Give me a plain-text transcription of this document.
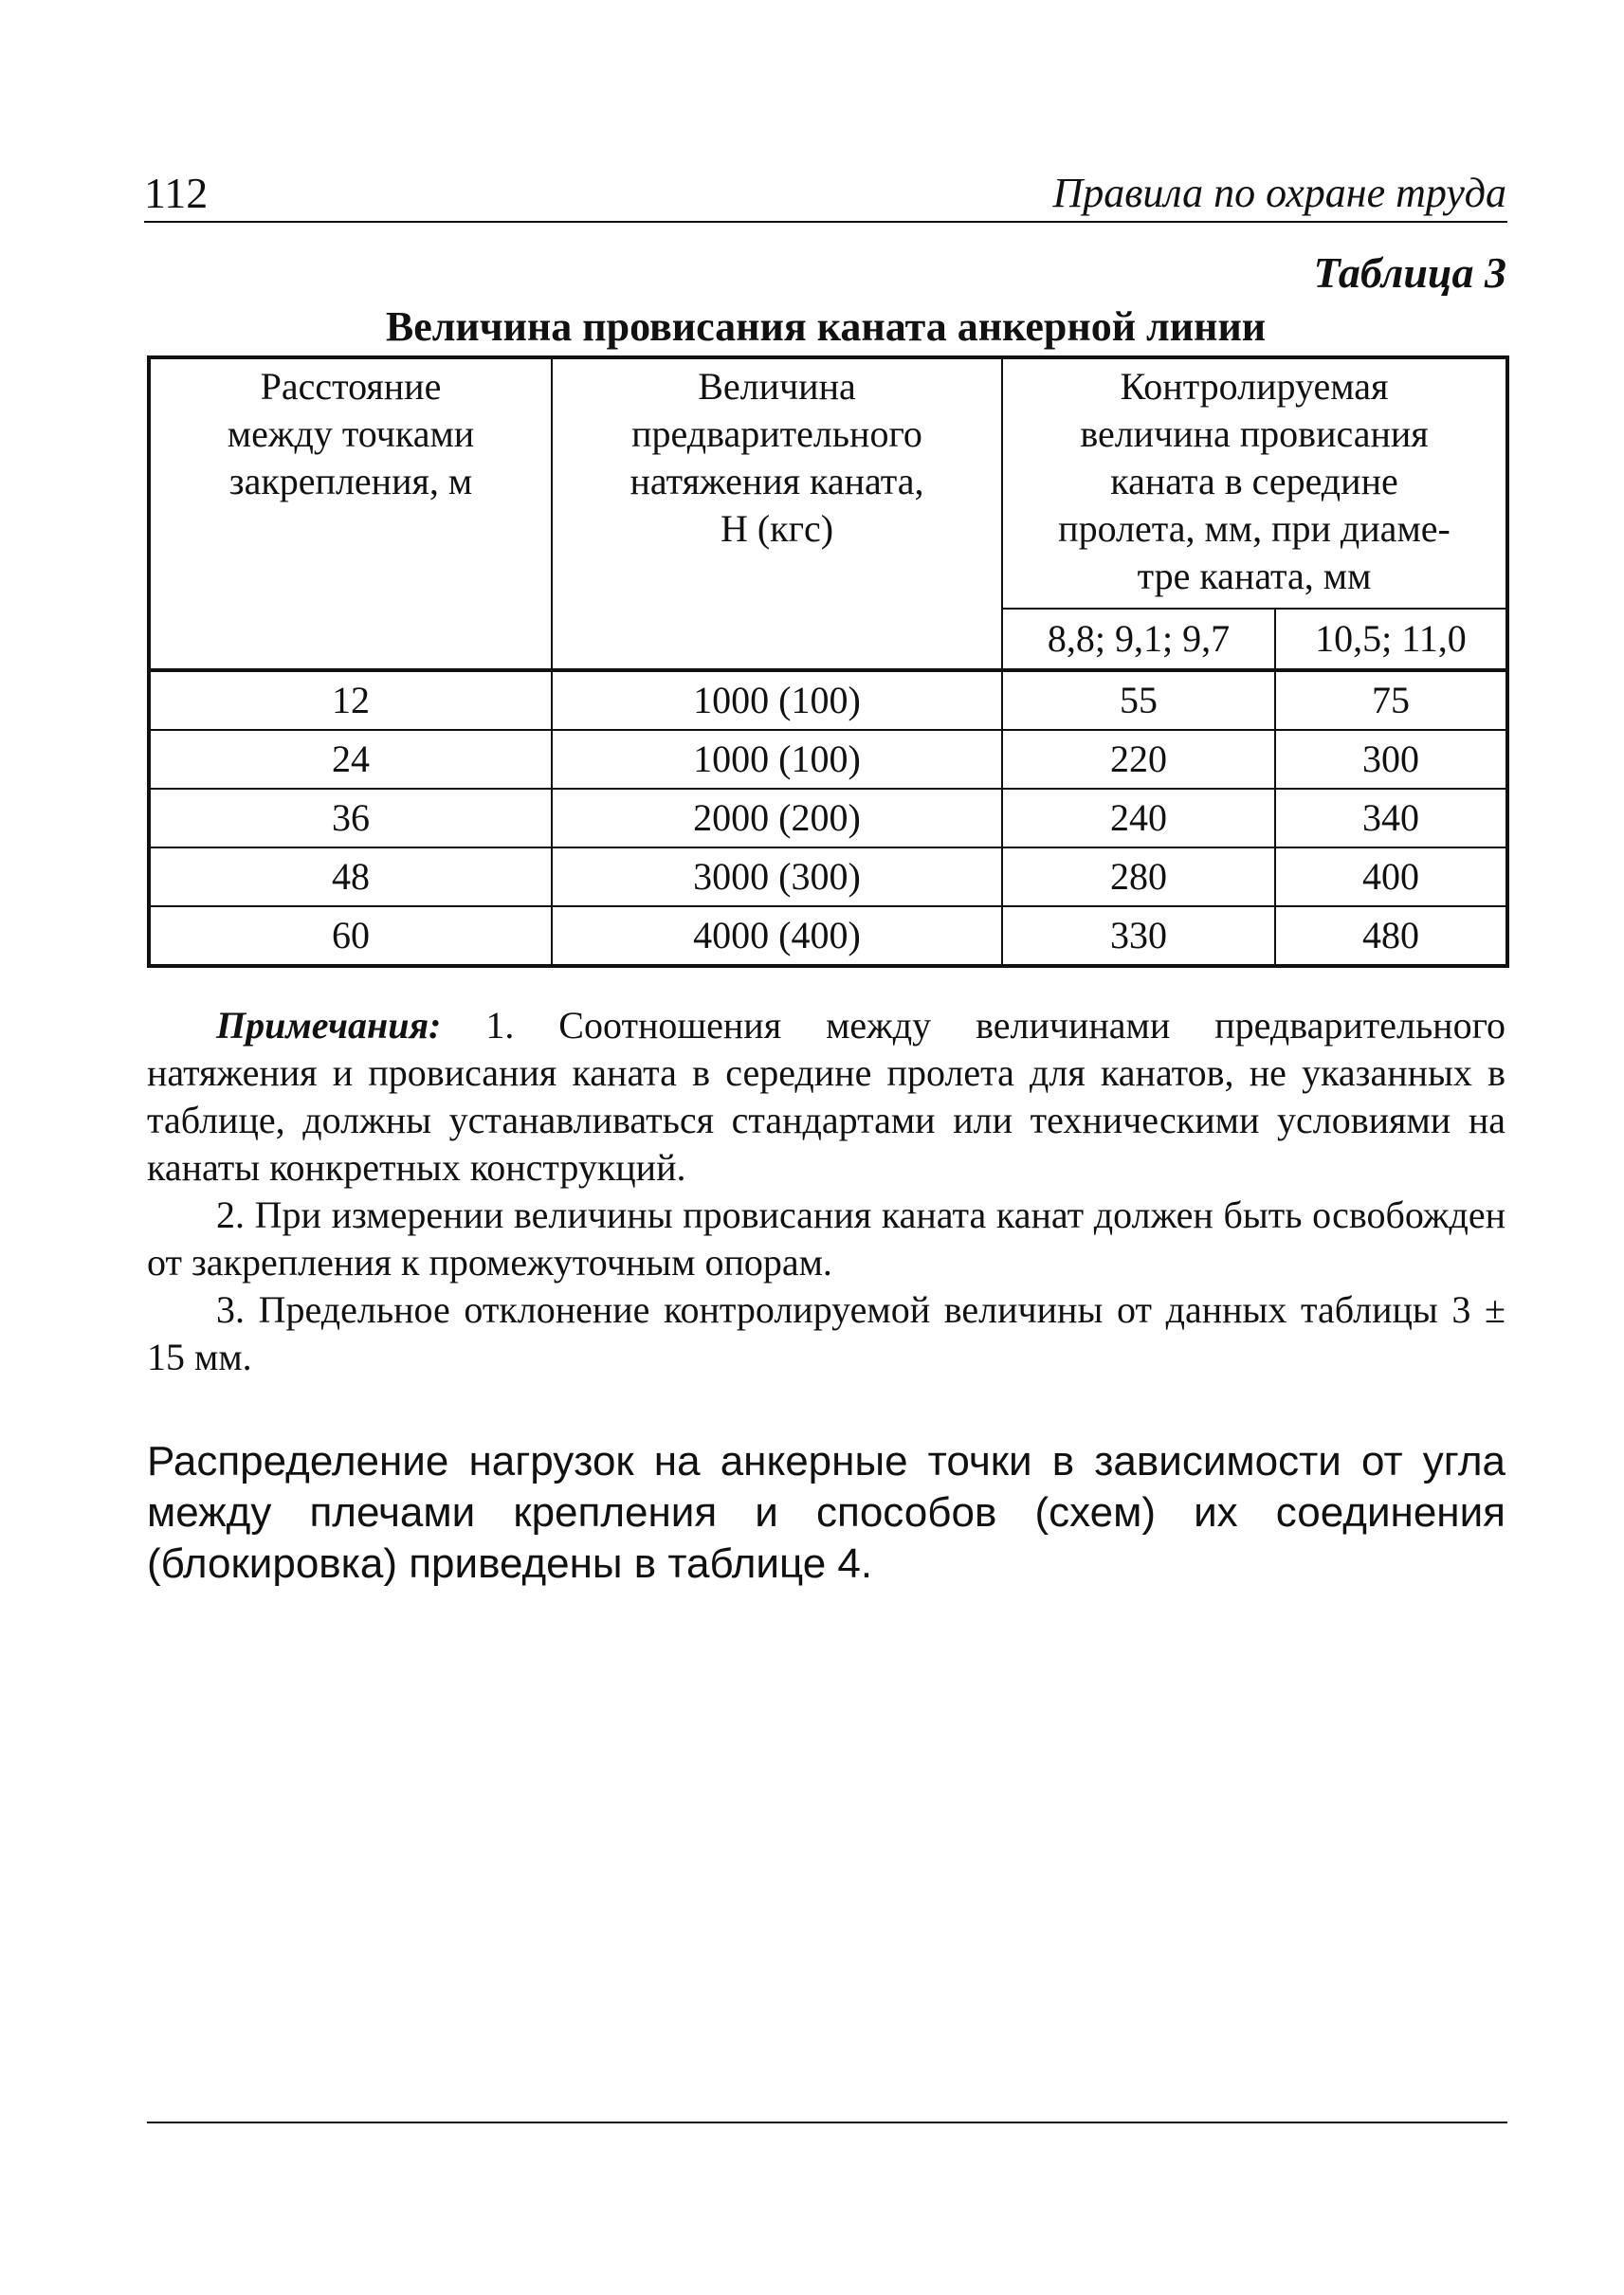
112	Правила по охране труда
Таблица 3
Величина провисания каната анкерной линии
Расстояние
между точками
закрепления, м	Величина
предварительного
натяжения каната,
Н (кгс)	Контролируемая
величина провисания
каната в середине
пролета, мм, при диаме-
тре каната, мм	

		8,8; 9,1; 9,7	10,5; 11,0
12	1000 (100)	55	75
24	1000 (100)	220	300
36	2000 (200)	240	340
48	3000 (300)	280	400
60	4000 (400)	330	480

Примечания: 1. Соотношения между величинами предварительного натяжения и провисания каната в середине пролета для канатов, не указанных в таблице, должны устанавливаться стандартами или техническими условиями на канаты конкретных конструкций.

2. При измерении величины провисания каната канат должен быть освобожден от закрепления к промежуточным опорам.

3. Предельное отклонение контролируемой величины от данных таблицы 3 ± 15 мм.

Распределение нагрузок на анкерные точки в зависимости от угла между плечами крепления и способов (схем) их соединения (блокировка) приведены в таблице 4.
